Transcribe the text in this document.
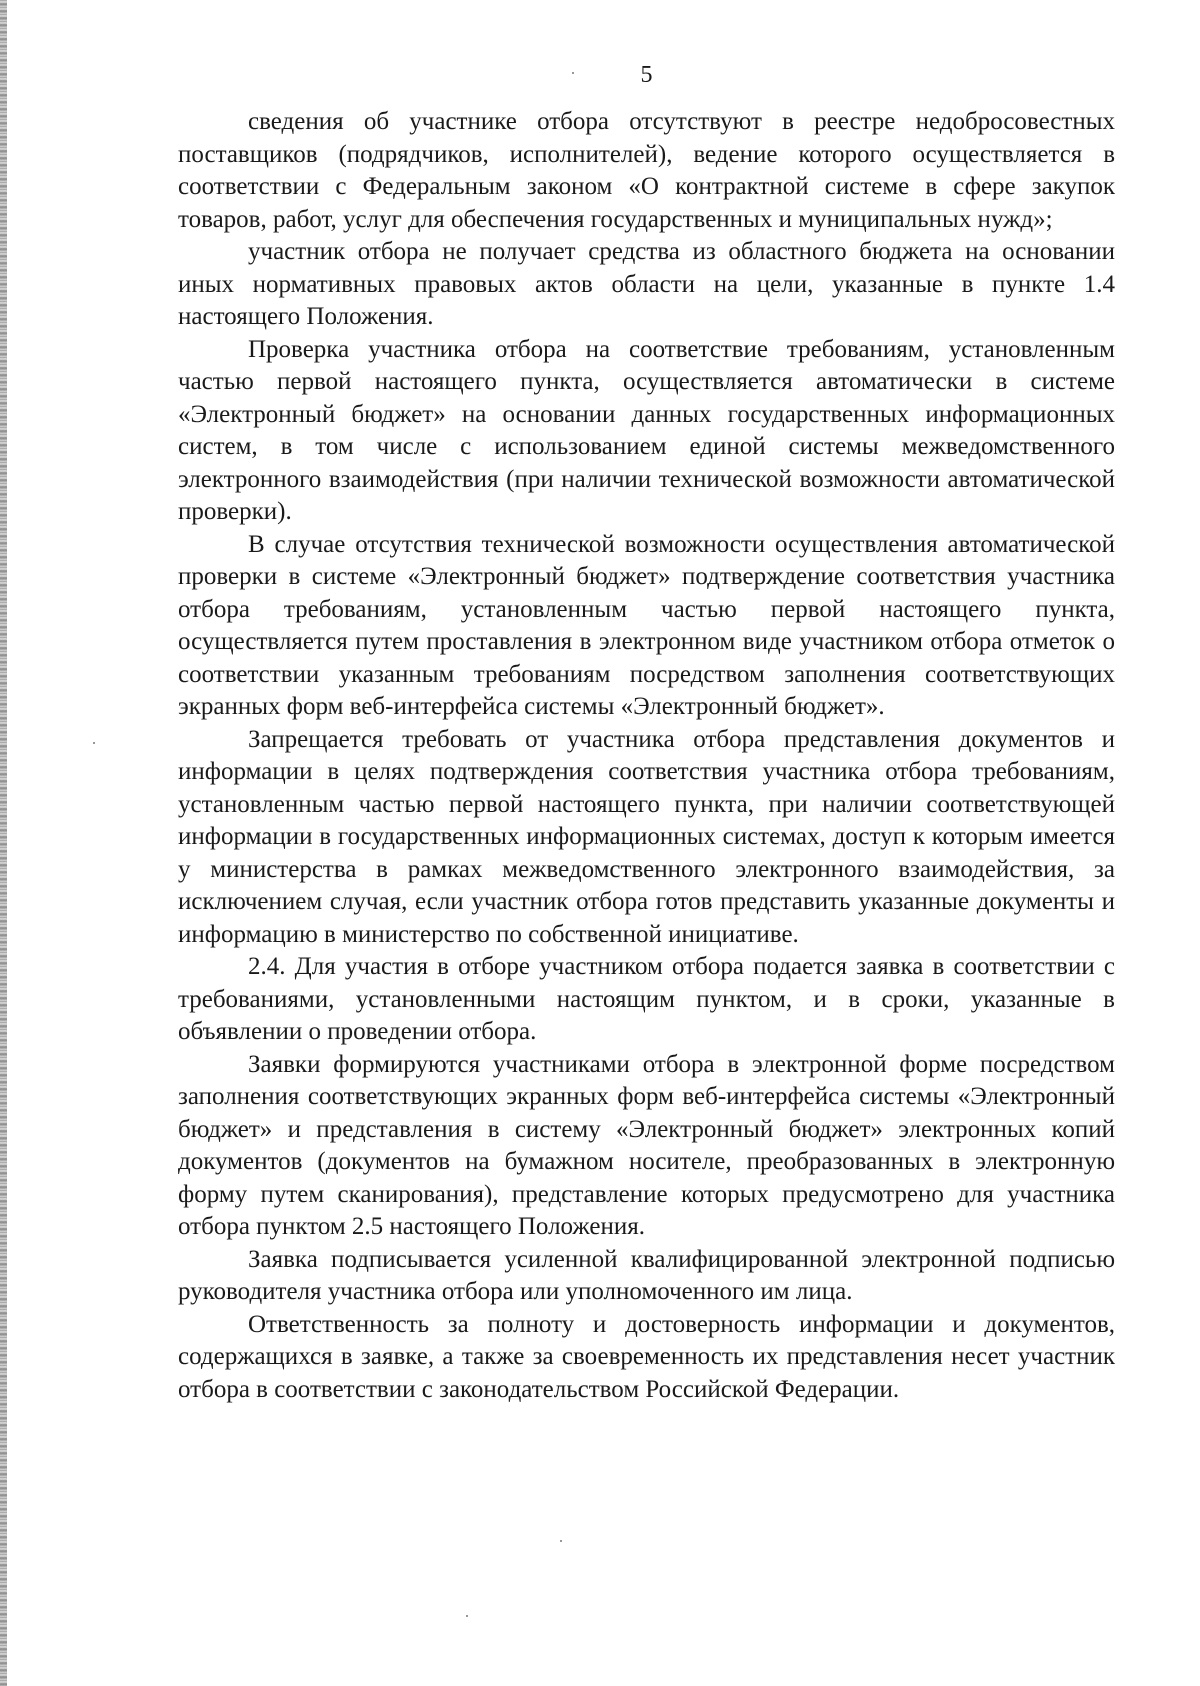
5

сведения об участнике отбора отсутствуют в реестре недобросовестных поставщиков (подрядчиков, исполнителей), ведение которого осуществляется в соответствии с Федеральным законом «О контрактной системе в сфере закупок товаров, работ, услуг для обеспечения государственных и муниципальных нужд»;

участник отбора не получает средства из областного бюджета на основании иных нормативных правовых актов области на цели, указанные в пункте 1.4 настоящего Положения.

Проверка участника отбора на соответствие требованиям, установленным частью первой настоящего пункта, осуществляется автоматически в системе «Электронный бюджет» на основании данных государственных информационных систем, в том числе с использованием единой системы межведомственного электронного взаимодействия (при наличии технической возможности автоматической проверки).

В случае отсутствия технической возможности осуществления автоматической проверки в системе «Электронный бюджет» подтверждение соответствия участника отбора требованиям, установленным частью первой настоящего пункта, осуществляется путем проставления в электронном виде участником отбора отметок о соответствии указанным требованиям посредством заполнения соответствующих экранных форм веб-интерфейса системы «Электронный бюджет».

Запрещается требовать от участника отбора представления документов и информации в целях подтверждения соответствия участника отбора требованиям, установленным частью первой настоящего пункта, при наличии соответствующей информации в государственных информационных системах, доступ к которым имеется у министерства в рамках межведомственного электронного взаимодействия, за исключением случая, если участник отбора готов представить указанные документы и информацию в министерство по собственной инициативе.

2.4. Для участия в отборе участником отбора подается заявка в соответствии с требованиями, установленными настоящим пунктом, и в сроки, указанные в объявлении о проведении отбора.

Заявки формируются участниками отбора в электронной форме посредством заполнения соответствующих экранных форм веб-интерфейса системы «Электронный бюджет» и представления в систему «Электронный бюджет» электронных копий документов (документов на бумажном носителе, преобразованных в электронную форму путем сканирования), представление которых предусмотрено для участника отбора пунктом 2.5 настоящего Положения.

Заявка подписывается усиленной квалифицированной электронной подписью руководителя участника отбора или уполномоченного им лица.

Ответственность за полноту и достоверность информации и документов, содержащихся в заявке, а также за своевременность их представления несет участник отбора в соответствии с законодательством Российской Федерации.
